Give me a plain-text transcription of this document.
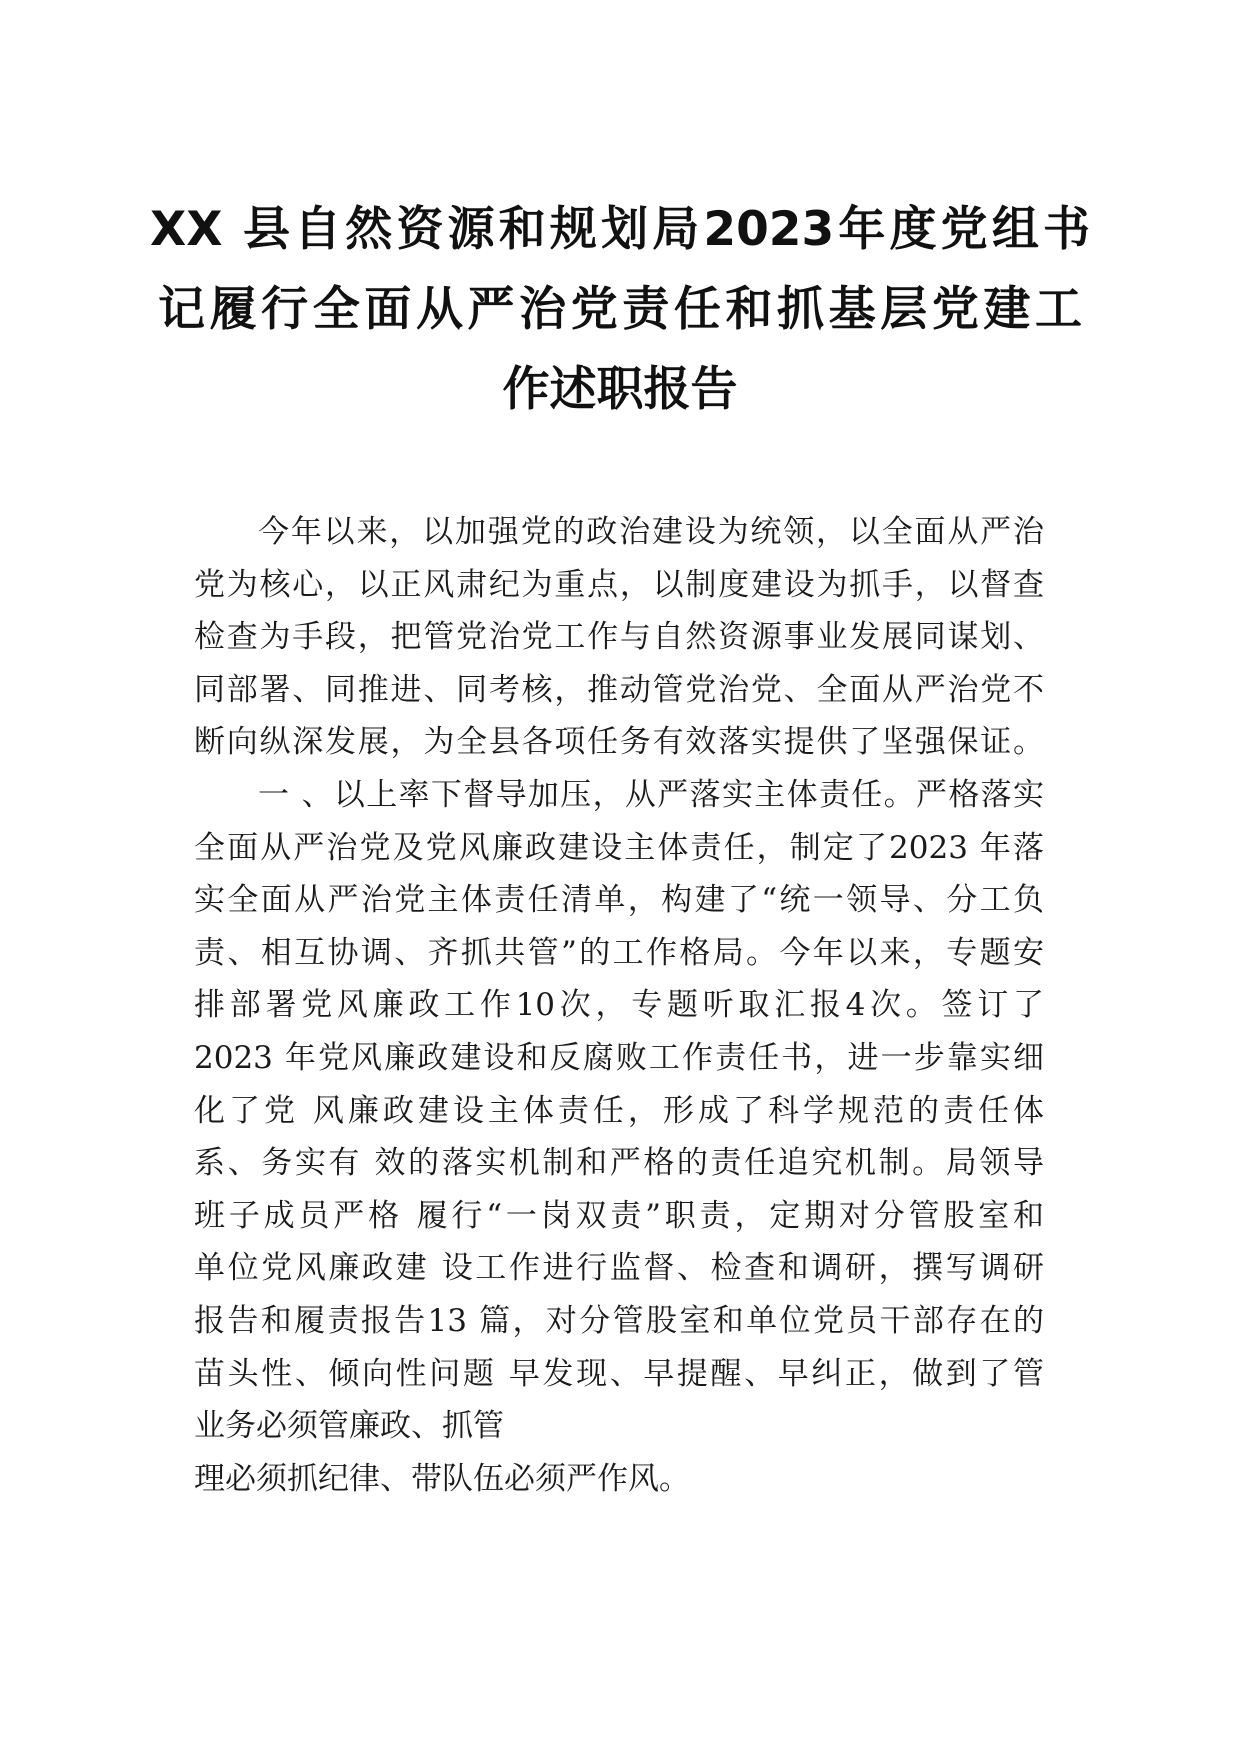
XX 县自然资源和规划局2023年度党组书
记履行全面从严治党责任和抓基层党建工
作述职报告
今年以来，以加强党的政治建设为统领，以全面从严治
党为核心，以正风肃纪为重点，以制度建设为抓手，以督查
检查为手段，把管党治党工作与自然资源事业发展同谋划、
同部署、同推进、同考核，推动管党治党、全面从严治党不
断向纵深发展，为全县各项任务有效落实提供了坚强保证。
一 、以上率下督导加压，从严落实主体责任。严格落实
全面从严治党及党风廉政建设主体责任，制定了2023 年落
实全面从严治党主体责任清单，构建了“统一领导、分工负
责、相互协调、齐抓共管”的工作格局。今年以来，专题安
排部署党风廉政工作10次，专题听取汇报4次。签订了
2023 年党风廉政建设和反腐败工作责任书，进一步靠实细
化了党 风廉政建设主体责任，形成了科学规范的责任体
系、务实有 效的落实机制和严格的责任追究机制。局领导
班子成员严格 履行“一岗双责”职责，定期对分管股室和
单位党风廉政建 设工作进行监督、检查和调研，撰写调研
报告和履责报告13 篇，对分管股室和单位党员干部存在的
苗头性、倾向性问题 早发现、早提醒、早纠正，做到了管
业务必须管廉政、抓管
理必须抓纪律、带队伍必须严作风。
